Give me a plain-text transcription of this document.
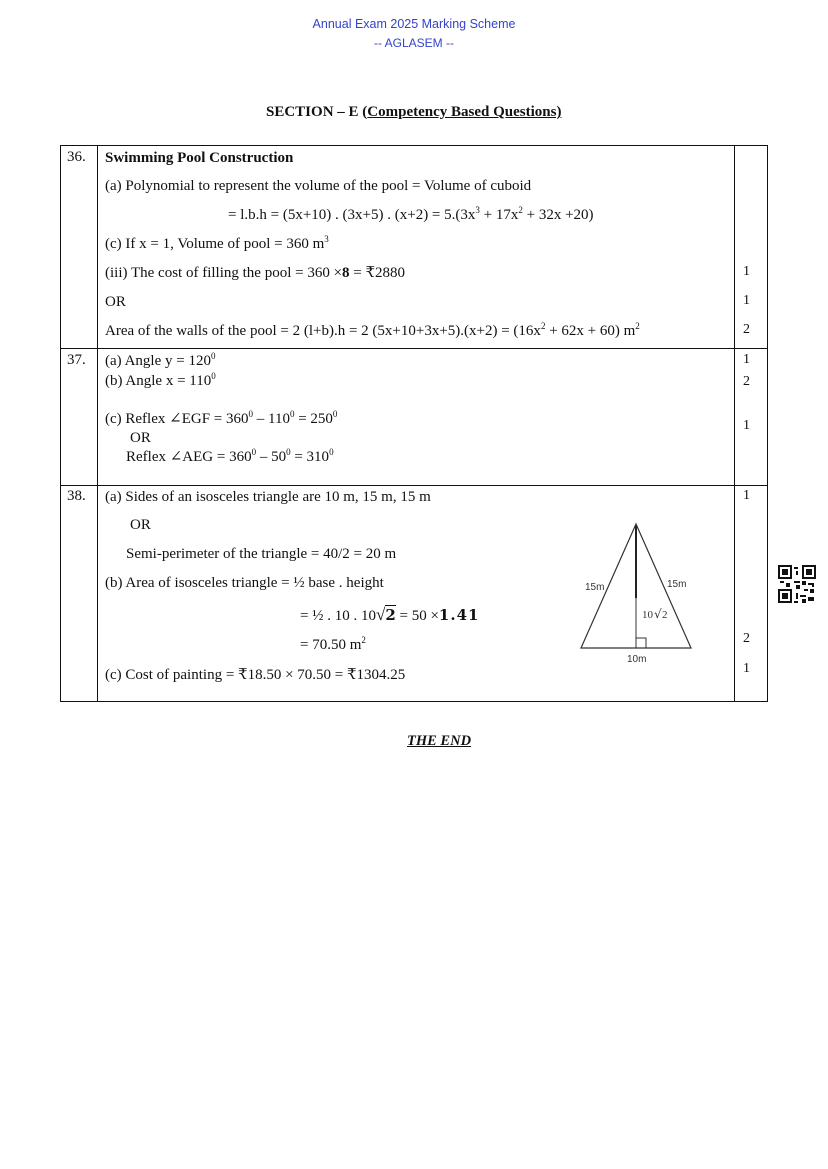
Annual Exam 2025 Marking Scheme
-- AGLASEM --
SECTION – E (Competency Based Questions)
36. Swimming Pool Construction
(a) Polynomial to represent the volume of the pool = Volume of cuboid
= l.b.h = (5x+10) . (3x+5) . $(x+2) = 5.(3x^3 + 17x^2 + 32x +20)$
(c) If x = 1, Volume of pool = 360 $m^3$
(iii) The cost of filling the pool = 360 ×8 = ₹2880
OR
Area of the walls of the pool = 2 (l+b).h = 2 $(5x+10+3x+5).(x+2) = (16x^2 + 62x + 60)$ $m^2$
1
1
2
37. (a) Angle $y = 120^0$
(b) Angle $x = 110^0$
(c) Reflex ∠EGF = $360^0 - 110^0 = 250^0$
OR
Reflex ∠AEG = $360^0 - 50^0 = 310^0$
1
2
1
38. (a) Sides of an isosceles triangle are 10 m, 15 m, 15 m
OR
Semi-perimeter of the triangle = 40/2 = 20 m
(b) Area of isosceles triangle = ½ base . height
= ½ . 10 . 10√2 = 50 ×1.41
= 70.50 $m^2$
(c) Cost of painting = ₹18.50 × 70.50 = ₹1304.25
1
2
1
15m	15m
10m
10 √ 2
THE END
